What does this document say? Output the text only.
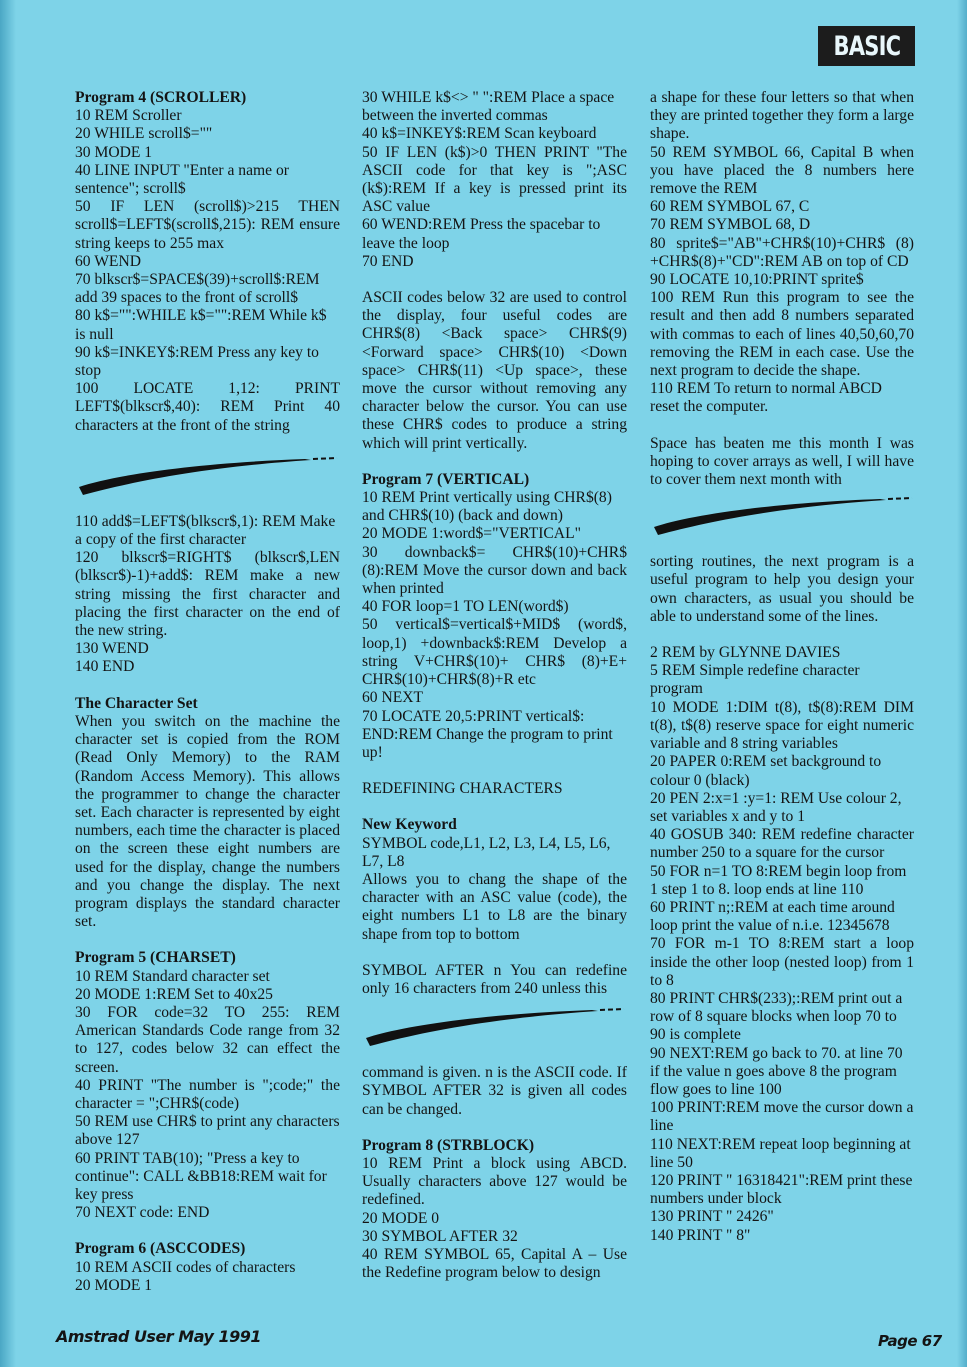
BASIC
Program 4 (SCROLLER)
10 REM Scroller
20 WHILE scroll$=""
30 MODE 1
40 LINE INPUT "Enter a name or sentence"; scroll$
50 IF LEN (scroll$)>215 THEN scroll$=LEFT$(scroll$,215): REM ensure string keeps to 255 max
60 WEND
70 blkscr$=SPACE$(39)+scroll$:REM add 39 spaces to the front of scroll$
80 k$="":WHILE k$="":REM While k$ is null
90 k$=INKEY$:REM Press any key to stop
100 LOCATE 1,12: PRINT LEFT$(blkscr$,40): REM Print 40 characters at the front of the string
110 add$=LEFT$(blkscr$,1): REM Make a copy of the first character
120 blkscr$=RIGHT$ (blkscr$,LEN (blkscr$)-1)+add$: REM make a new string missing the first character and placing the first character on the end of the new string.
130 WEND
140 END
The Character Set
When you switch on the machine the character set is copied from the ROM (Read Only Memory) to the RAM (Random Access Memory). This allows the programmer to change the character set. Each character is represented by eight numbers, each time the character is placed on the screen these eight numbers are used for the display, change the numbers and you change the display. The next program displays the standard character set.
Program 5 (CHARSET)
10 REM Standard character set
20 MODE 1:REM Set to 40x25
30 FOR code=32 TO 255: REM American Standards Code range from 32 to 127, codes below 32 can effect the screen.
40 PRINT "The number is ";code;" the character = ";CHR$(code)
50 REM use CHR$ to print any characters above 127
60 PRINT TAB(10); "Press a key to continue": CALL &BB18:REM wait for key press
70 NEXT code: END
Program 6 (ASCCODES)
10 REM ASCII codes of characters
20 MODE 1
30 WHILE k$<> " ":REM Place a space between the inverted commas
40 k$=INKEY$:REM Scan keyboard
50 IF LEN (k$)>0 THEN PRINT "The ASCII code for that key is ";ASC (k$):REM If a key is pressed print its ASC value
60 WEND:REM Press the spacebar to leave the loop
70 END
ASCII codes below 32 are used to control the display, four useful codes are CHR$(8) <Back space> CHR$(9) <Forward space> CHR$(10) <Down space> CHR$(11) <Up space>, these move the cursor without removing any character below the cursor. You can use these CHR$ codes to produce a string which will print vertically.
Program 7 (VERTICAL)
10 REM Print vertically using CHR$(8) and CHR$(10) (back and down)
20 MODE 1:word$="VERTICAL"
30 downback$= CHR$(10)+CHR$ (8):REM Move the cursor down and back when printed
40 FOR loop=1 TO LEN(word$)
50 vertical$=vertical$+MID$ (word$, loop,1) +downback$:REM Develop a string V+CHR$(10)+ CHR$ (8)+E+ CHR$(10)+CHR$(8)+R etc
60 NEXT
70 LOCATE 20,5:PRINT vertical$: END:REM Change the program to print up!
REDEFINING CHARACTERS
New Keyword
SYMBOL code,L1, L2, L3, L4, L5, L6, L7, L8
Allows you to chang the shape of the character with an ASC value (code), the eight numbers L1 to L8 are the binary shape from top to bottom
SYMBOL AFTER n You can redefine only 16 characters from 240 unless this
command is given. n is the ASCII code. If SYMBOL AFTER 32 is given all codes can be changed.
Program 8 (STRBLOCK)
10 REM Print a block using ABCD. Usually characters above 127 would be redefined.
20 MODE 0
30 SYMBOL AFTER 32
40 REM SYMBOL 65, Capital A – Use the Redefine program below to design
a shape for these four letters so that when they are printed together they form a large shape.
50 REM SYMBOL 66, Capital B when you have placed the 8 numbers here remove the REM
60 REM SYMBOL 67, C
70 REM SYMBOL 68, D
80 sprite$="AB"+CHR$(10)+CHR$ (8) +CHR$(8)+"CD":REM AB on top of CD
90 LOCATE 10,10:PRINT sprite$
100 REM Run this program to see the result and then add 8 numbers separated with commas to each of lines 40,50,60,70 removing the REM in each case. Use the next program to decide the shape.
110 REM To return to normal ABCD reset the computer.
Space has beaten me this month I was hoping to cover arrays as well, I will have to cover them next month with
sorting routines, the next program is a useful program to help you design your own characters, as usual you should be able to understand some of the lines.
2 REM by GLYNNE DAVIES
5 REM Simple redefine character program
10 MODE 1:DIM t(8), t$(8):REM DIM t(8), t$(8) reserve space for eight numeric variable and 8 string variables
20 PAPER 0:REM set background to colour 0 (black)
20 PEN 2:x=1 :y=1: REM Use colour 2, set variables x and y to 1
40 GOSUB 340: REM redefine character number 250 to a square for the cursor
50 FOR n=1 TO 8:REM begin loop from 1 step 1 to 8. loop ends at line 110
60 PRINT n;:REM at each time around loop print the value of n.i.e. 12345678
70 FOR m-1 TO 8:REM start a loop inside the other loop (nested loop) from 1 to 8
80 PRINT CHR$(233);:REM print out a row of 8 square blocks when loop 70 to 90 is complete
90 NEXT:REM go back to 70. at line 70 if the value n goes above 8 the program flow goes to line 100
100 PRINT:REM move the cursor down a line
110 NEXT:REM repeat loop beginning at line 50
120 PRINT " 16318421":REM print these numbers under block
130 PRINT " 2426"
140 PRINT " 8"
Amstrad User May 1991	Page 67
